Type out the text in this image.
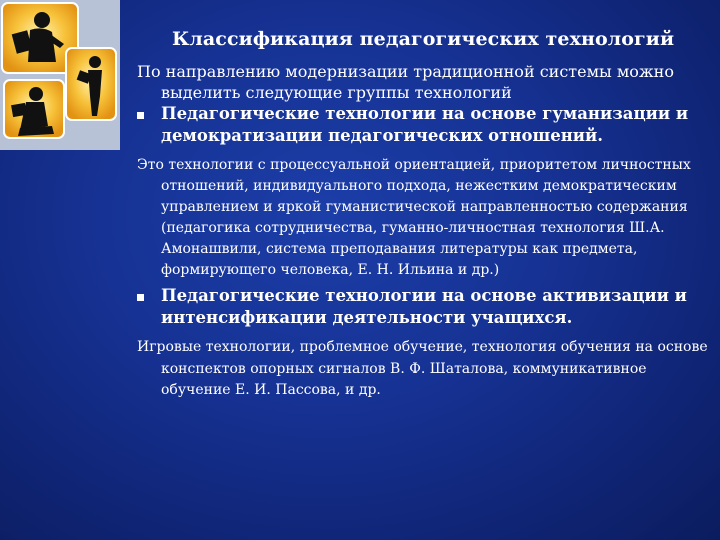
Классификация педагогических технологий

По направлению модернизации традиционной системы можно выделить следующие группы технологий

Педагогические технологии на основе гуманизации и демократизации педагогических отношений.

Это технологии с процессуальной ориентацией, приоритетом личностных отношений, индивидуального подхода, нежестким демократическим управлением и яркой гуманистической направленностью содержания (педагогика сотрудничества, гуманно-личностная технология Ш.А. Амонашвили, система преподавания литературы как предмета, формирующего человека, Е. Н. Ильина и др.)

Педагогические технологии на основе активизации и интенсификации деятельности учащихся.

Игровые технологии, проблемное обучение, технология обучения на основе конспектов опорных сигналов В. Ф. Шаталова, коммуникативное обучение Е. И. Пассова, и др.
